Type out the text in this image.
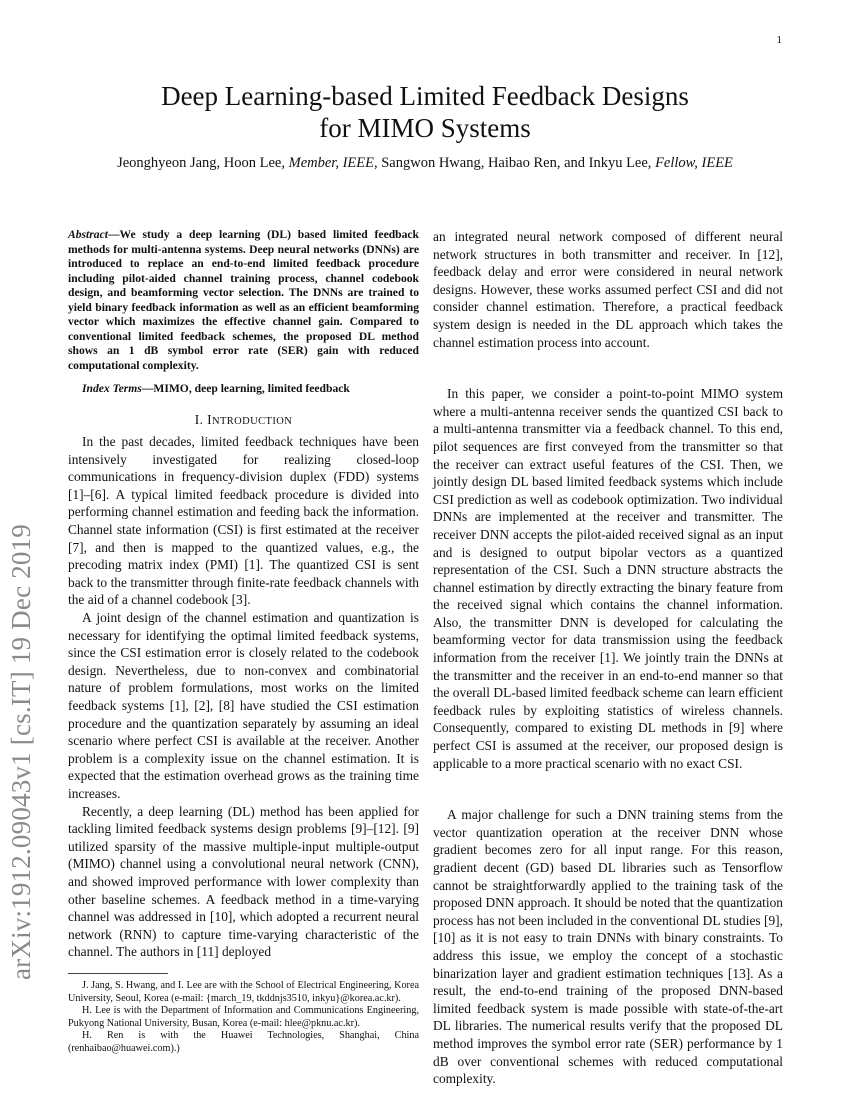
1
arXiv:1912.09043v1 [cs.IT] 19 Dec 2019
Deep Learning-based Limited Feedback Designs
for MIMO Systems
Jeonghyeon Jang, Hoon Lee, Member, IEEE, Sangwon Hwang, Haibao Ren, and Inkyu Lee, Fellow, IEEE

Abstract—We study a deep learning (DL) based limited feedback methods for multi-antenna systems. Deep neural networks (DNNs) are introduced to replace an end-to-end limited feedback procedure including pilot-aided channel training process, channel codebook design, and beamforming vector selection. The DNNs are trained to yield binary feedback information as well as an efficient beamforming vector which maximizes the effective channel gain. Compared to conventional limited feedback schemes, the proposed DL method shows an 1 dB symbol error rate (SER) gain with reduced computational complexity.

Index Terms—MIMO, deep learning, limited feedback

I. INTRODUCTION

In the past decades, limited feedback techniques have been intensively investigated for realizing closed-loop communications in frequency-division duplex (FDD) systems [1]–[6]. A typical limited feedback procedure is divided into performing channel estimation and feeding back the information. Channel state information (CSI) is first estimated at the receiver [7], and then is mapped to the quantized values, e.g., the precoding matrix index (PMI) [1]. The quantized CSI is sent back to the transmitter through finite-rate feedback channels with the aid of a channel codebook [3].

A joint design of the channel estimation and quantization is necessary for identifying the optimal limited feedback systems, since the CSI estimation error is closely related to the codebook design. Nevertheless, due to non-convex and combinatorial nature of problem formulations, most works on the limited feedback systems [1], [2], [8] have studied the CSI estimation procedure and the quantization separately by assuming an ideal scenario where perfect CSI is available at the receiver. Another problem is a complexity issue on the channel estimation. It is expected that the estimation overhead grows as the training time increases.

Recently, a deep learning (DL) method has been applied for tackling limited feedback systems design problems [9]–[12]. [9] utilized sparsity of the massive multiple-input multiple-output (MIMO) channel using a convolutional neural network (CNN), and showed improved performance with lower complexity than other baseline schemes. A feedback method in a time-varying channel was addressed in [10], which adopted a recurrent neural network (RNN) to capture time-varying characteristic of the channel. The authors in [11] deployed

J. Jang, S. Hwang, and I. Lee are with the School of Electrical Engineering, Korea University, Seoul, Korea (e-mail: {march_19, tkddnjs3510, inkyu}@korea.ac.kr).

H. Lee is with the Department of Information and Communications Engineering, Pukyong National University, Busan, Korea (e-mail: hlee@pknu.ac.kr).

H. Ren is with the Huawei Technologies, Shanghai, China (renhaibao@huawei.com).)

an integrated neural network composed of different neural network structures in both transmitter and receiver. In [12], feedback delay and error were considered in neural network designs. However, these works assumed perfect CSI and did not consider channel estimation. Therefore, a practical feedback system design is needed in the DL approach which takes the channel estimation process into account.

In this paper, we consider a point-to-point MIMO system where a multi-antenna receiver sends the quantized CSI back to a multi-antenna transmitter via a feedback channel. To this end, pilot sequences are first conveyed from the transmitter so that the receiver can extract useful features of the CSI. Then, we jointly design DL based limited feedback systems which include CSI prediction as well as codebook optimization. Two individual DNNs are implemented at the receiver and transmitter. The receiver DNN accepts the pilot-aided received signal as an input and is designed to output bipolar vectors as a quantized representation of the CSI. Such a DNN structure abstracts the channel estimation by directly extracting the binary feature from the received signal which contains the channel information. Also, the transmitter DNN is developed for calculating the beamforming vector for data transmission using the feedback information from the receiver [1]. We jointly train the DNNs at the transmitter and the receiver in an end-to-end manner so that the overall DL-based limited feedback scheme can learn efficient feedback rules by exploiting statistics of wireless channels. Consequently, compared to existing DL methods in [9] where perfect CSI is assumed at the receiver, our proposed design is applicable to a more practical scenario with no exact CSI.

A major challenge for such a DNN training stems from the vector quantization operation at the receiver DNN whose gradient becomes zero for all input range. For this reason, gradient decent (GD) based DL libraries such as Tensorflow cannot be straightforwardly applied to the training task of the proposed DNN approach. It should be noted that the quantization process has not been included in the conventional DL studies [9], [10] as it is not easy to train DNNs with binary constraints. To address this issue, we employ the concept of a stochastic binarization layer and gradient estimation techniques [13]. As a result, the end-to-end training of the proposed DNN-based limited feedback system is made possible with state-of-the-art DL libraries. The numerical results verify that the proposed DL method improves the symbol error rate (SER) performance by 1 dB over conventional schemes with reduced computational complexity.
